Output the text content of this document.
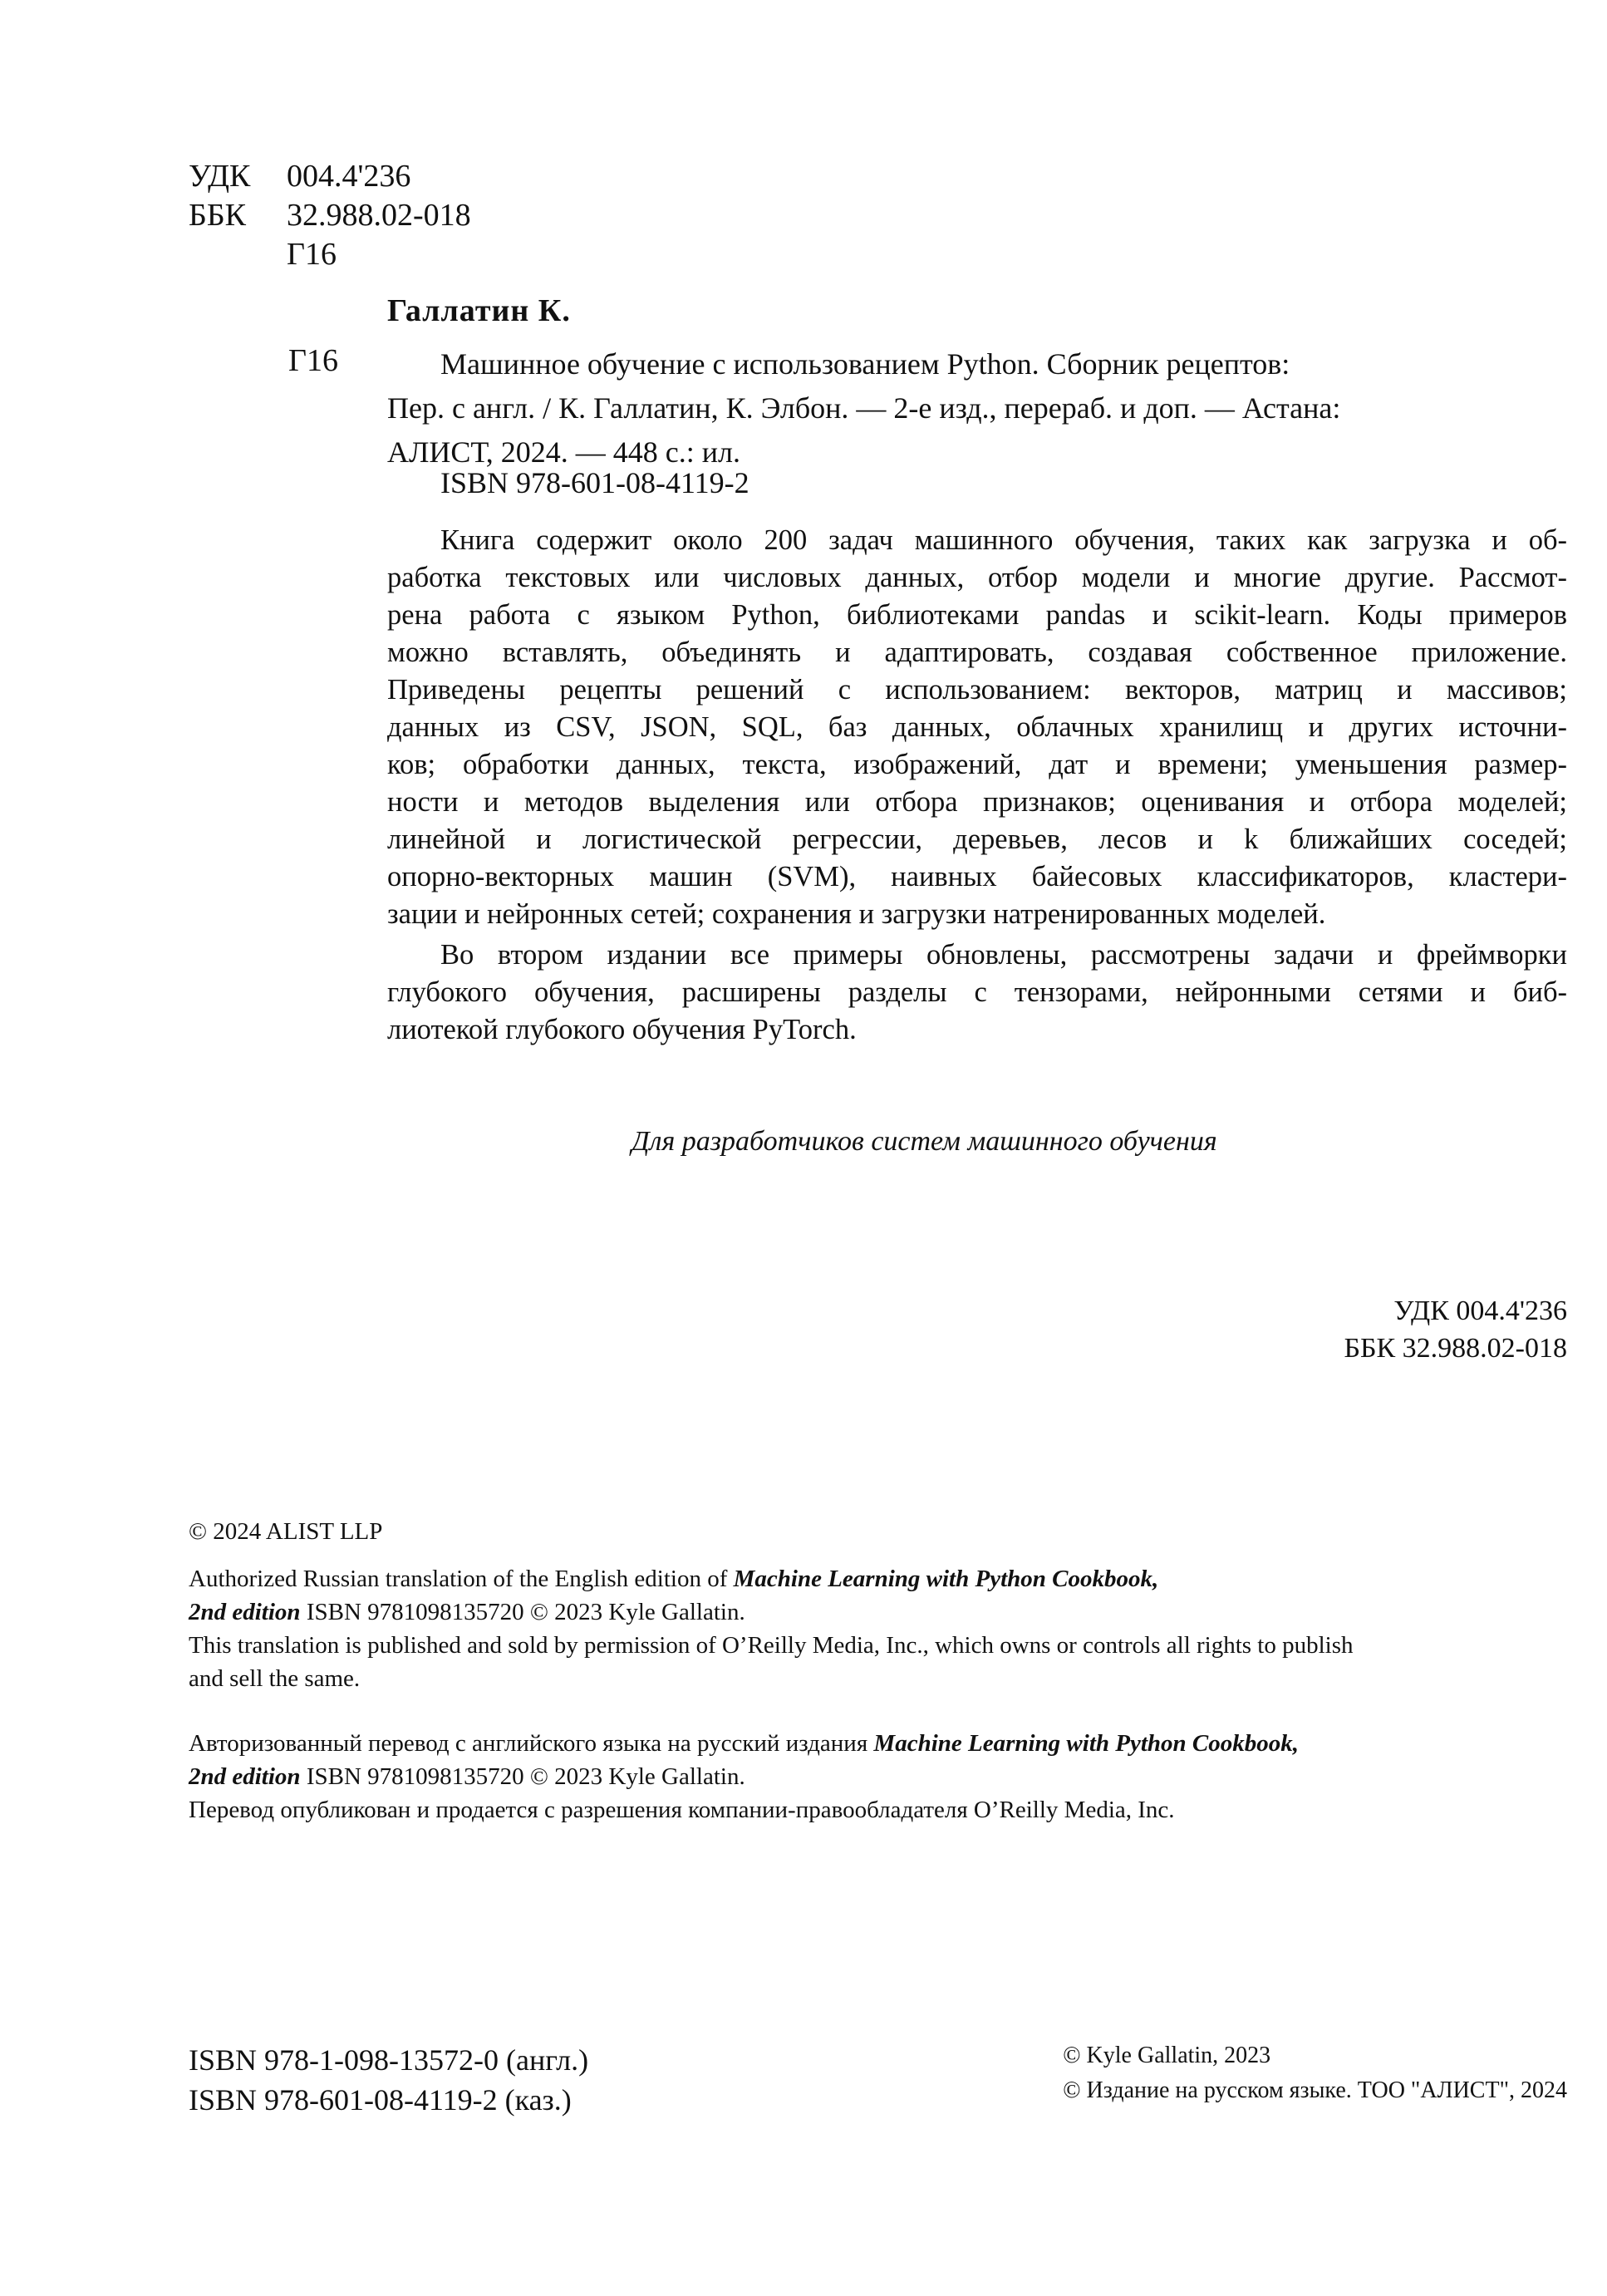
УДК 004.4'236
ББК 32.988.02-018
Г16
Галлатин К.
Г16	Машинное обучение с использованием Python. Сборник рецептов:
Пер. с англ. / К. Галлатин, К. Элбон. — 2-е изд., перераб. и доп. — Астана:
АЛИСТ, 2024. — 448 с.: ил.
ISBN 978-601-08-4119-2

Книга содержит около 200 задач машинного обучения, таких как загрузка и об-
работка текстовых или числовых данных, отбор модели и многие другие. Рассмот-
рена работа с языком Python, библиотеками pandas и scikit-learn. Коды примеров
можно вставлять, объединять и адаптировать, создавая собственное приложение.
Приведены рецепты решений с использованием: векторов, матриц и массивов;
данных из CSV, JSON, SQL, баз данных, облачных хранилищ и других источни-
ков; обработки данных, текста, изображений, дат и времени; уменьшения размер-
ности и методов выделения или отбора признаков; оценивания и отбора моделей;
линейной и логистической регрессии, деревьев, лесов и k ближайших соседей;
опорно-векторных машин (SVM), наивных байесовых классификаторов, кластери-
зации и нейронных сетей; сохранения и загрузки натренированных моделей.

Во втором издании все примеры обновлены, рассмотрены задачи и фреймворки
глубокого обучения, расширены разделы с тензорами, нейронными сетями и биб-
лиотекой глубокого обучения PyTorch.

Для разработчиков систем машинного обучения
УДК 004.4'236
ББК 32.988.02-018
© 2024 ALIST LLP
Authorized Russian translation of the English edition of Machine Learning with Python Cookbook,
2nd edition ISBN 9781098135720 © 2023 Kyle Gallatin.
This translation is published and sold by permission of O’Reilly Media, Inc., which owns or controls all rights to publish
and sell the same.
Авторизованный перевод с английского языка на русский издания Machine Learning with Python Cookbook,
2nd edition ISBN 9781098135720 © 2023 Kyle Gallatin.
Перевод опубликован и продается с разрешения компании-правообладателя O’Reilly Media, Inc.
ISBN 978-1-098-13572-0 (англ.)
ISBN 978-601-08-4119-2 (каз.)
© Kyle Gallatin, 2023
© Издание на русском языке. ТОО "АЛИСТ", 2024
